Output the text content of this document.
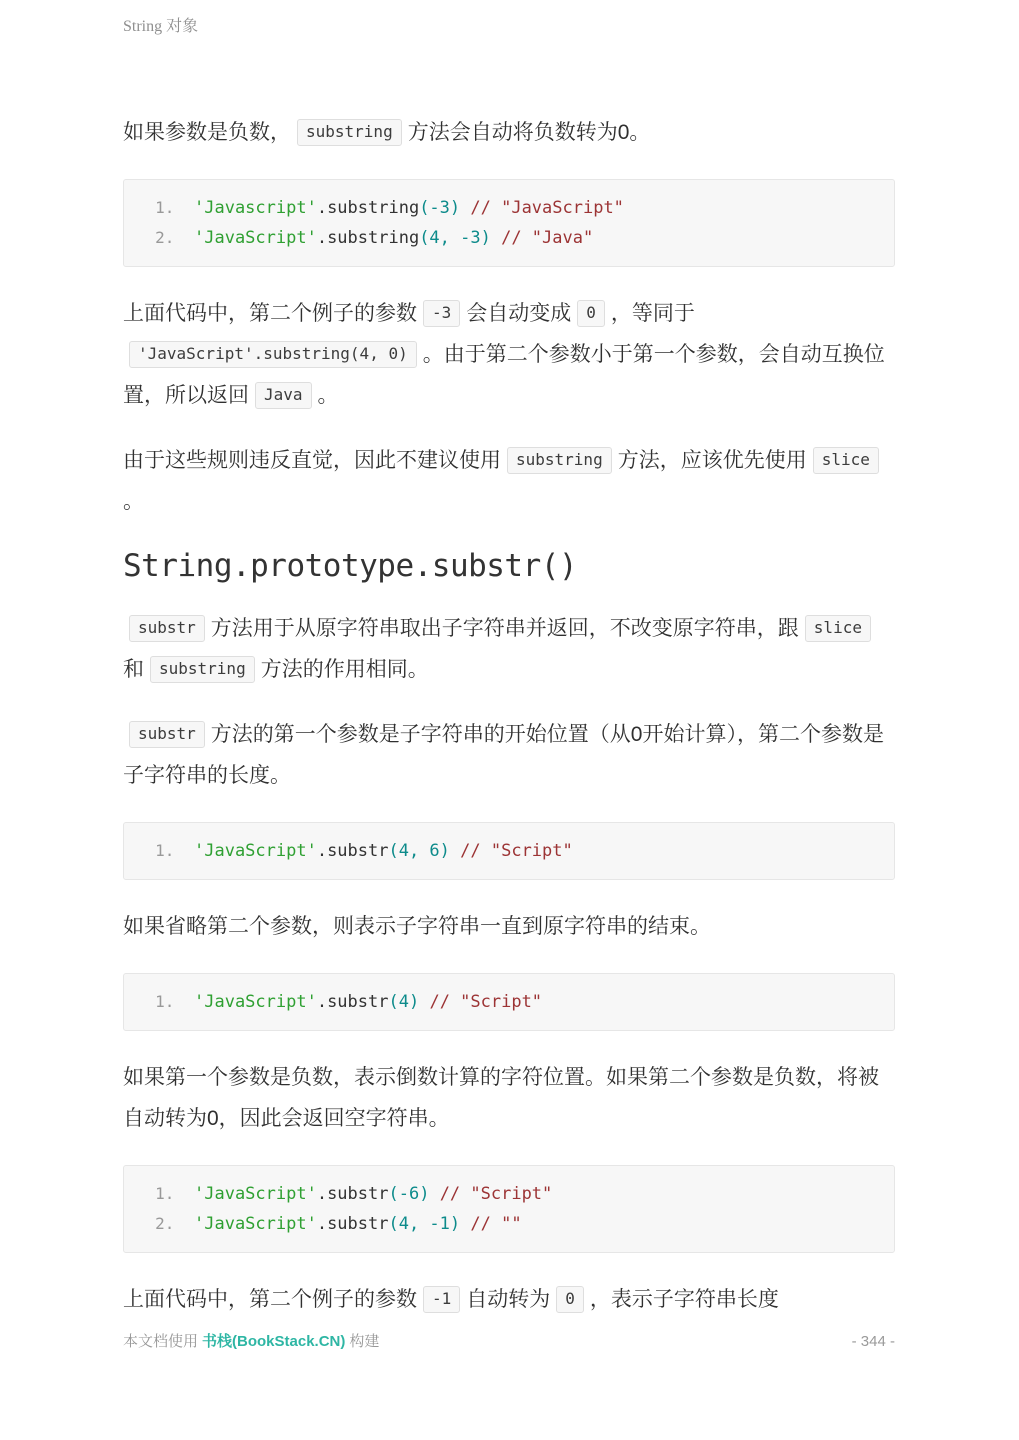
String 对象

如果参数是负数， substring 方法会自动将负数转为0。

1. 'Javascript'.substring(-3) // "JavaScript"
2. 'JavaScript'.substring(4, -3) // "Java"

上面代码中，第二个例子的参数 -3 会自动变成 0 ，等同于'JavaScript'.substring(4, 0) 。由于第二个参数小于第一个参数，会自动互换位置，所以返回 Java 。

由于这些规则违反直觉，因此不建议使用 substring 方法，应该优先使用 slice。

String.prototype.substr()

substr 方法用于从原字符串取出子字符串并返回，不改变原字符串，跟 slice和 substring 方法的作用相同。

substr 方法的第一个参数是子字符串的开始位置（从0开始计算），第二个参数是子字符串的长度。

1. 'JavaScript'.substr(4, 6) // "Script"

如果省略第二个参数，则表示子字符串一直到原字符串的结束。

1. 'JavaScript'.substr(4) // "Script"

如果第一个参数是负数，表示倒数计算的字符位置。如果第二个参数是负数，将被自动转为0，因此会返回空字符串。

1. 'JavaScript'.substr(-6) // "Script"
2. 'JavaScript'.substr(4, -1) // ""

上面代码中，第二个例子的参数 -1 自动转为 0 ，表示子字符串长度

本文档使用 书栈(BookStack.CN) 构建	- 344 -
